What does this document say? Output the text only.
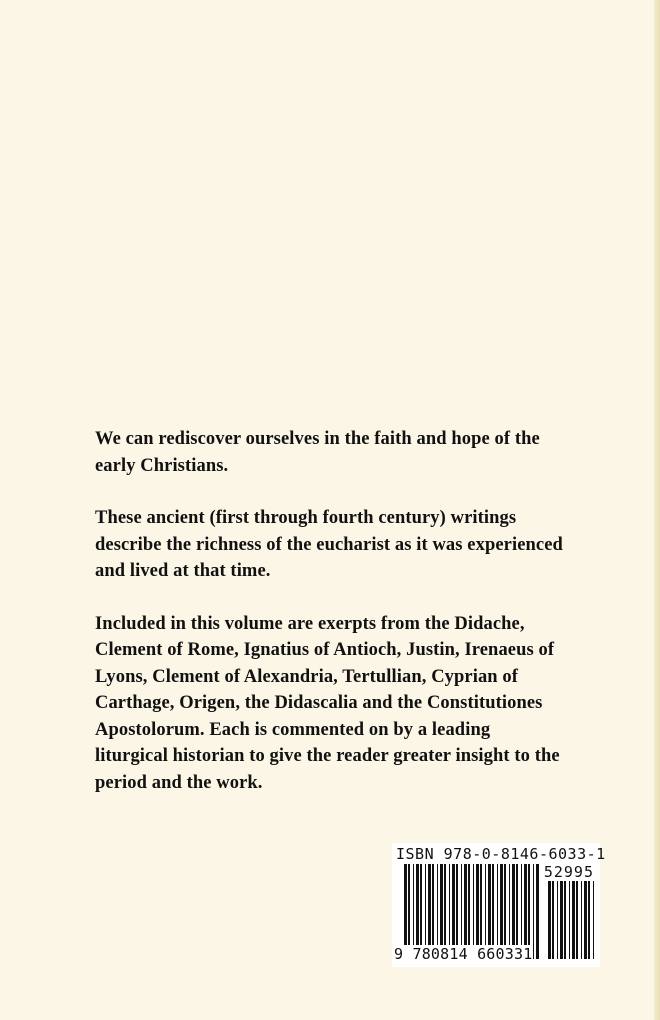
We can rediscover ourselves in the faith and hope of the early Christians.

These ancient (first through fourth century) writings describe the richness of the eucharist as it was experienced and lived at that time.

Included in this volume are exerpts from the Didache, Clement of Rome, Ignatius of Antioch, Justin, Irenaeus of Lyons, Clement of Alexandria, Tertullian, Cyprian of Carthage, Origen, the Didascalia and the Constitutiones Apostolorum. Each is commented on by a leading liturgical historian to give the reader greater insight to the period and the work.

ISBN 978-0-8146-6033-1
52995
9 780814 660331
